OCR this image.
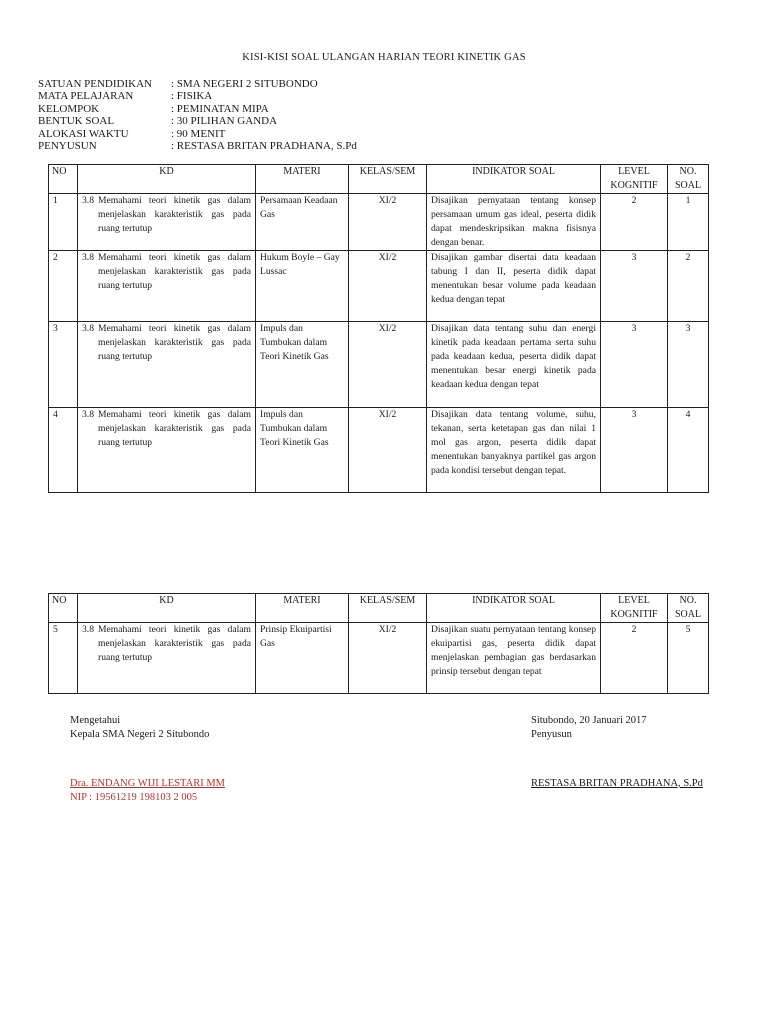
KISI-KISI SOAL ULANGAN HARIAN TEORI KINETIK GAS
SATUAN PENDIDIKAN	: SMA NEGERI 2 SITUBONDO
MATA PELAJARAN	: FISIKA
KELOMPOK	: PEMINATAN MIPA
BENTUK SOAL	: 30 PILIHAN GANDA
ALOKASI WAKTU	: 90 MENIT
PENYUSUN	: RESTASA BRITAN PRADHANA, S.Pd
NO	KD	MATERI	KELAS/SEM	INDIKATOR SOAL	LEVEL KOGNITIF	NO. SOAL
1	3.8 Memahami teori kinetik gas dalam menjelaskan karakteristik gas pada ruang tertutup	Persamaan Keadaan Gas	XI/2	Disajikan pernyataan tentang konsep persamaan umum gas ideal, peserta didik dapat mendeskripsikan makna fisisnya dengan benar.	2	1
2	3.8 Memahami teori kinetik gas dalam menjelaskan karakteristik gas pada ruang tertutup	Hukum Boyle – Gay Lussac	XI/2	Disajikan gambar disertai data keadaan tabung I dan II, peserta didik dapat menentukan besar volume pada keadaan kedua dengan tepat	3	2
3	3.8 Memahami teori kinetik gas dalam menjelaskan karakteristik gas pada ruang tertutup	Impuls dan Tumbukan dalam Teori Kinetik Gas	XI/2	Disajikan data tentang suhu dan energi kinetik pada keadaan pertama serta suhu pada keadaan kedua, peserta didik dapat menentukan besar energi kinetik pada keadaan kedua dengan tepat	3	3
4	3.8 Memahami teori kinetik gas dalam menjelaskan karakteristik gas pada ruang tertutup	Impuls dan Tumbukan dalam Teori Kinetik Gas	XI/2	Disajikan data tentang volume, suhu, tekanan, serta ketetapan gas dan nilai 1 mol gas argon, peserta didik dapat menentukan banyaknya partikel gas argon pada kondisi tersebut dengan tepat.	3	4
NO	KD	MATERI	KELAS/SEM	INDIKATOR SOAL	LEVEL KOGNITIF	NO. SOAL
5	3.8 Memahami teori kinetik gas dalam menjelaskan karakteristik gas pada ruang tertutup	Prinsip Ekuipartisi Gas	XI/2	Disajikan suatu pernyataan tentang konsep ekuipartisi gas, peserta didik dapat menjelaskan pembagian gas berdasarkan prinsip tersebut dengan tepat	2	5
Mengetahui
Kepala SMA Negeri 2 Situbondo
Dra. ENDANG WIJI LESTARI MM
NIP : 19561219 198103 2 005
Situbondo, 20 Januari 2017
Penyusun
RESTASA BRITAN PRADHANA, S.Pd
